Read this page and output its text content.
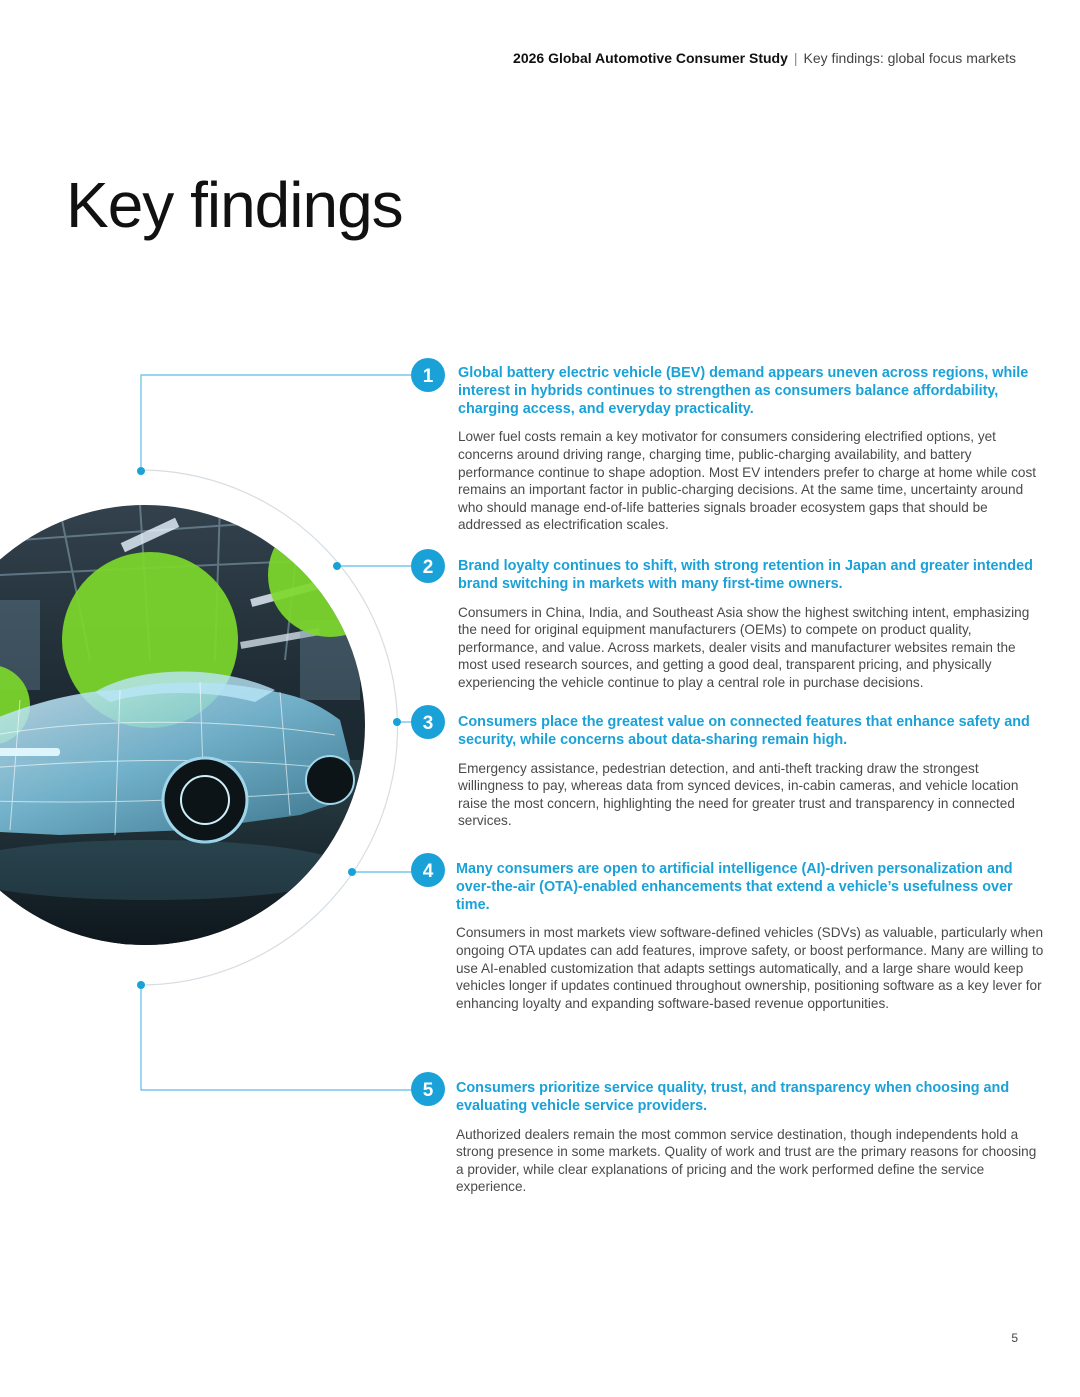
2026 Global Automotive Consumer Study | Key findings: global focus markets
Key findings
1
2
3
4
5
Global battery electric vehicle (BEV) demand appears uneven across regions, while interest in hybrids continues to strengthen as consumers balance affordability, charging access, and everyday practicality.
Lower fuel costs remain a key motivator for consumers considering electrified options, yet concerns around driving range, charging time, public-charging availability, and battery performance continue to shape adoption. Most EV intenders prefer to charge at home while cost remains an important factor in public-charging decisions. At the same time, uncertainty around who should manage end-of-life batteries signals broader ecosystem gaps that should be addressed as electrification scales.
Brand loyalty continues to shift, with strong retention in Japan and greater intended brand switching in markets with many first-time owners.
Consumers in China, India, and Southeast Asia show the highest switching intent, emphasizing the need for original equipment manufacturers (OEMs) to compete on product quality, performance, and value. Across markets, dealer visits and manufacturer websites remain the most used research sources, and getting a good deal, transparent pricing, and physically experiencing the vehicle continue to play a central role in purchase decisions.
Consumers place the greatest value on connected features that enhance safety and security, while concerns about data-sharing remain high.
Emergency assistance, pedestrian detection, and anti-theft tracking draw the strongest willingness to pay, whereas data from synced devices, in-cabin cameras, and vehicle location raise the most concern, highlighting the need for greater trust and transparency in connected services.
Many consumers are open to artificial intelligence (AI)-driven personalization and over-the-air (OTA)-enabled enhancements that extend a vehicle’s usefulness over time.
Consumers in most markets view software-defined vehicles (SDVs) as valuable, particularly when ongoing OTA updates can add features, improve safety, or boost performance. Many are willing to use AI-enabled customization that adapts settings automatically, and a large share would keep vehicles longer if updates continued throughout ownership, positioning software as a key lever for enhancing loyalty and expanding software-based revenue opportunities.
Consumers prioritize service quality, trust, and transparency when choosing and evaluating vehicle service providers.
Authorized dealers remain the most common service destination, though independents hold a strong presence in some markets. Quality of work and trust are the primary reasons for choosing a provider, while clear explanations of pricing and the work performed define the service experience.
5
